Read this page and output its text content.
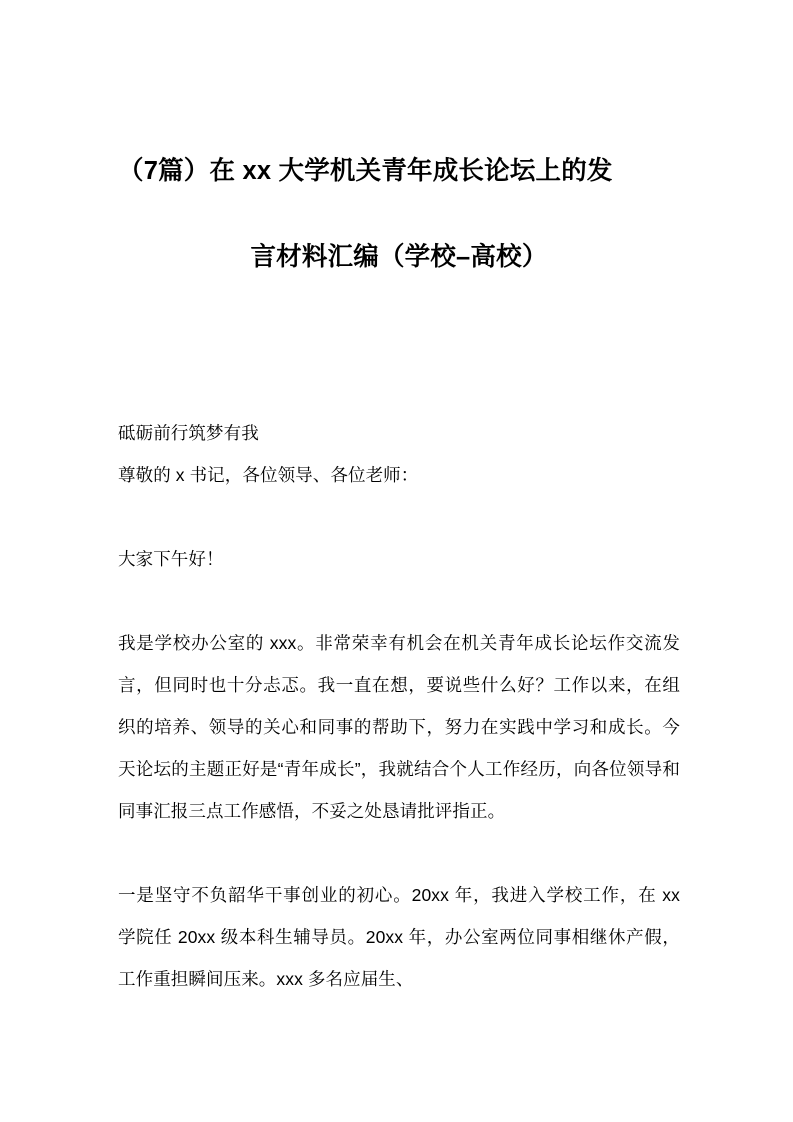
（7篇）在 xx 大学机关青年成长论坛上的发
言材料汇编（学校–高校）

砥砺前行筑梦有我

尊敬的 x 书记，各位领导、各位老师：

大家下午好！

我是学校办公室的 xxx。非常荣幸有机会在机关青年成长论坛作交流发言，但同时也十分忐忑。我一直在想，要说些什么好？工作以来，在组织的培养、领导的关心和同事的帮助下，努力在实践中学习和成长。今天论坛的主题正好是“青年成长”，我就结合个人工作经历，向各位领导和同事汇报三点工作感悟，不妥之处恳请批评指正。

一是坚守不负韶华干事创业的初心。20xx 年，我进入学校工作，在 xx 学院任 20xx 级本科生辅导员。20xx 年，办公室两位同事相继休产假，工作重担瞬间压来。xxx 多名应届生、
